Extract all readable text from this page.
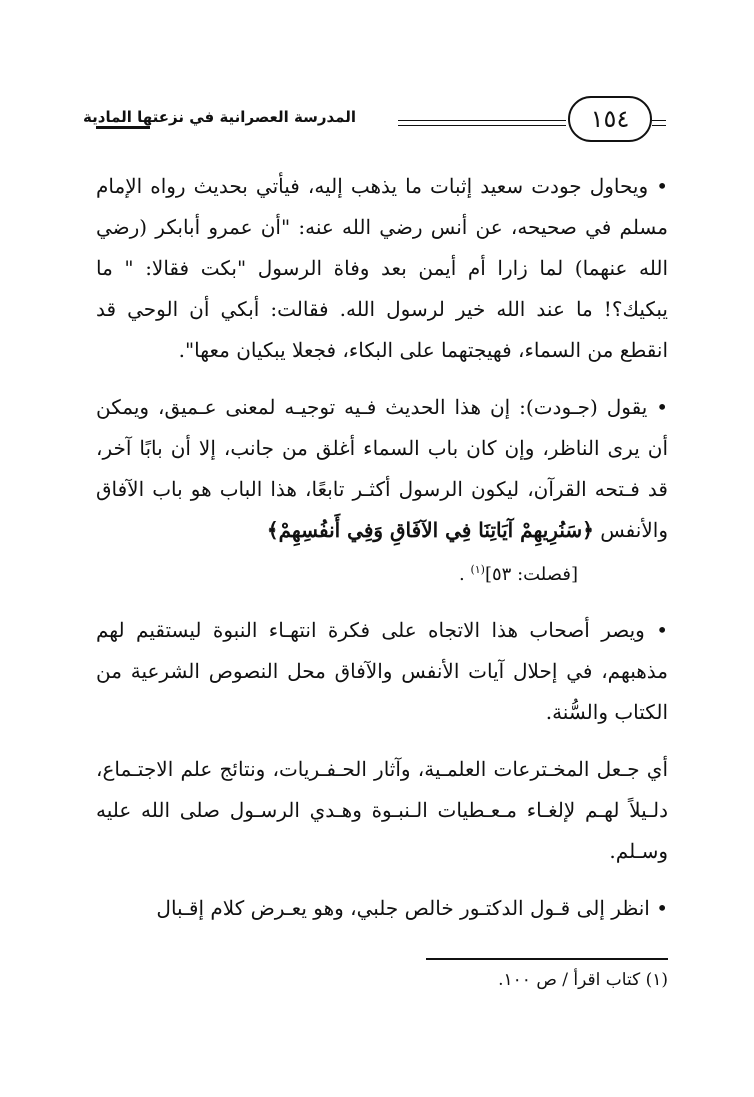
المدرسة العصرانية في نزعتها المادية	١٥٤

• ويحاول جودت سعيد إثبات ما يذهب إليه، فيأتي بحديث رواه الإمام مسلم في صحيحه، عن أنس رضي الله عنه: "أن عمرو أبابكر (رضي الله عنهما) لما زارا أم أيمن بعد وفاة الرسول "بكت فقالا: " ما يبكيك؟! ما عند الله خير لرسول الله. فقالت: أبكي أن الوحي قد انقطع من السماء، فهيجتهما على البكاء، فجعلا يبكيان معها".

• يقول (جـودت): إن هذا الحديث فـيه توجيـه لمعنى عـميق، ويمكن أن يرى الناظر، وإن كان باب السماء أغلق من جانب، إلا أن بابًا آخر، قد فـتحه القرآن، ليكون الرسول أكثـر تابعًا، هذا الباب هو باب الآفاق والأنفس ﴿سَنُرِيهِمْ آيَاتِنَا فِي الآفَاقِ وَفِي أَنفُسِهِمْ﴾

[فصلت: ٥٣]$^{(١)}$ .

• ويصر أصحاب هذا الاتجاه على فكرة انتهـاء النبوة ليستقيم لهم مذهبهم، في إحلال آيات الأنفس والآفاق محل النصوص الشرعية من الكتاب والسُّنة.

أي جـعل المخـترعات العلمـية، وآثار الحـفـريات، ونتائج علم الاجتـماع، دلـيلاً لهـم لإلغـاء مـعـطيات الـنبـوة وهـدي الرسـول صلى الله عليه وسـلم.

• انظر إلى قـول الدكتـور خالص جلبي، وهو يعـرض كلام إقـبال

(١) كتاب اقرأ / ص ١٠٠.
